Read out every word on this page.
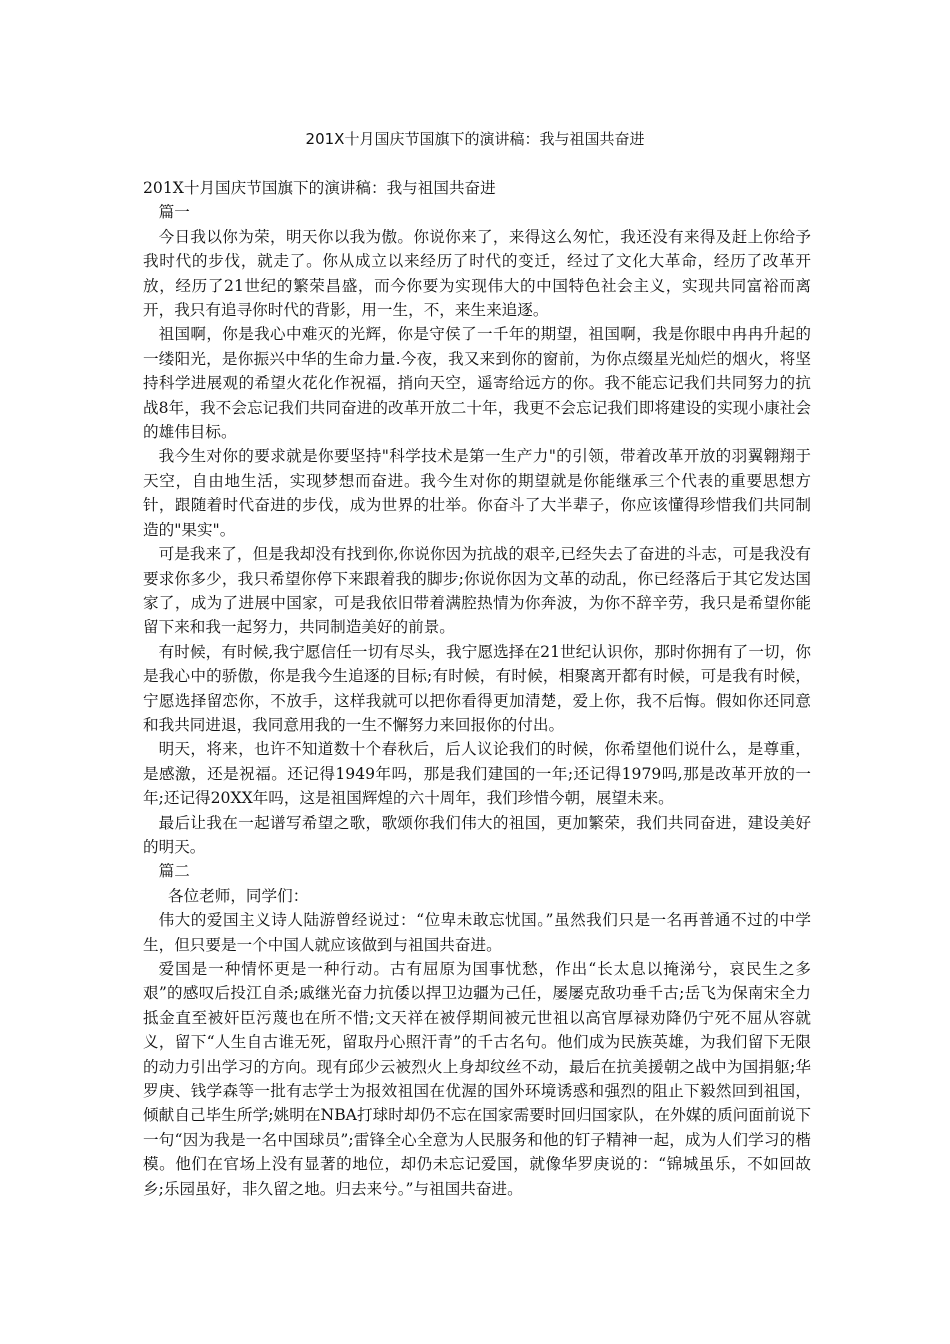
201X十月国庆节国旗下的演讲稿：我与祖国共奋进

201X十月国庆节国旗下的演讲稿：我与祖国共奋进

篇一

今日我以你为荣，明天你以我为傲。你说你来了，来得这么匆忙，我还没有来得及赶上你给予我时代的步伐，就走了。你从成立以来经历了时代的变迁，经过了文化大革命，经历了改革开放，经历了21世纪的繁荣昌盛，而今你要为实现伟大的中国特色社会主义，实现共同富裕而离开，我只有追寻你时代的背影，用一生，不，来生来追逐。

祖国啊，你是我心中难灭的光辉，你是守侯了一千年的期望，祖国啊，我是你眼中冉冉升起的一缕阳光，是你振兴中华的生命力量.今夜，我又来到你的窗前，为你点缀星光灿烂的烟火，将坚持科学进展观的希望火花化作祝福，捎向天空，遥寄给远方的你。我不能忘记我们共同努力的抗战8年，我不会忘记我们共同奋进的改革开放二十年，我更不会忘记我们即将建设的实现小康社会的雄伟目标。

我今生对你的要求就是你要坚持"科学技术是第一生产力"的引领，带着改革开放的羽翼翱翔于天空，自由地生活，实现梦想而奋进。我今生对你的期望就是你能继承三个代表的重要思想方针，跟随着时代奋进的步伐，成为世界的壮举。你奋斗了大半辈子，你应该懂得珍惜我们共同制造的"果实"。

可是我来了，但是我却没有找到你,你说你因为抗战的艰辛,已经失去了奋进的斗志，可是我没有要求你多少，我只希望你停下来跟着我的脚步;你说你因为文革的动乱，你已经落后于其它发达国家了，成为了进展中国家，可是我依旧带着满腔热情为你奔波，为你不辞辛劳，我只是希望你能留下来和我一起努力，共同制造美好的前景。

有时候，有时候,我宁愿信任一切有尽头，我宁愿选择在21世纪认识你，那时你拥有了一切，你是我心中的骄傲，你是我今生追逐的目标;有时候，有时候，相聚离开都有时候，可是我有时候，宁愿选择留恋你，不放手，这样我就可以把你看得更加清楚，爱上你，我不后悔。假如你还同意和我共同进退，我同意用我的一生不懈努力来回报你的付出。

明天，将来，也许不知道数十个春秋后，后人议论我们的时候，你希望他们说什么，是尊重，是感激，还是祝福。还记得1949年吗，那是我们建国的一年;还记得1979吗,那是改革开放的一年;还记得20XX年吗，这是祖国辉煌的六十周年，我们珍惜今朝，展望未来。

最后让我在一起谱写希望之歌，歌颂你我们伟大的祖国，更加繁荣，我们共同奋进，建设美好的明天。

篇二

各位老师，同学们：

伟大的爱国主义诗人陆游曾经说过：“位卑未敢忘忧国。”虽然我们只是一名再普通不过的中学生，但只要是一个中国人就应该做到与祖国共奋进。

爱国是一种情怀更是一种行动。古有屈原为国事忧愁，作出“长太息以掩涕兮，哀民生之多艰”的感叹后投江自杀;戚继光奋力抗倭以捍卫边疆为己任，屡屡克敌功垂千古;岳飞为保南宋全力抵金直至被奸臣污蔑也在所不惜;文天祥在被俘期间被元世祖以高官厚禄劝降仍宁死不屈从容就义，留下“人生自古谁无死，留取丹心照汗青”的千古名句。他们成为民族英雄，为我们留下无限的动力引出学习的方向。现有邱少云被烈火上身却纹丝不动，最后在抗美援朝之战中为国捐躯;华罗庚、钱学森等一批有志学士为报效祖国在优渥的国外环境诱惑和强烈的阻止下毅然回到祖国，倾献自己毕生所学;姚明在NBA打球时却仍不忘在国家需要时回归国家队，在外媒的质问面前说下一句“因为我是一名中国球员”;雷锋全心全意为人民服务和他的钉子精神一起，成为人们学习的楷模。他们在官场上没有显著的地位，却仍未忘记爱国，就像华罗庚说的：“锦城虽乐，不如回故乡;乐园虽好，非久留之地。归去来兮。”与祖国共奋进。
